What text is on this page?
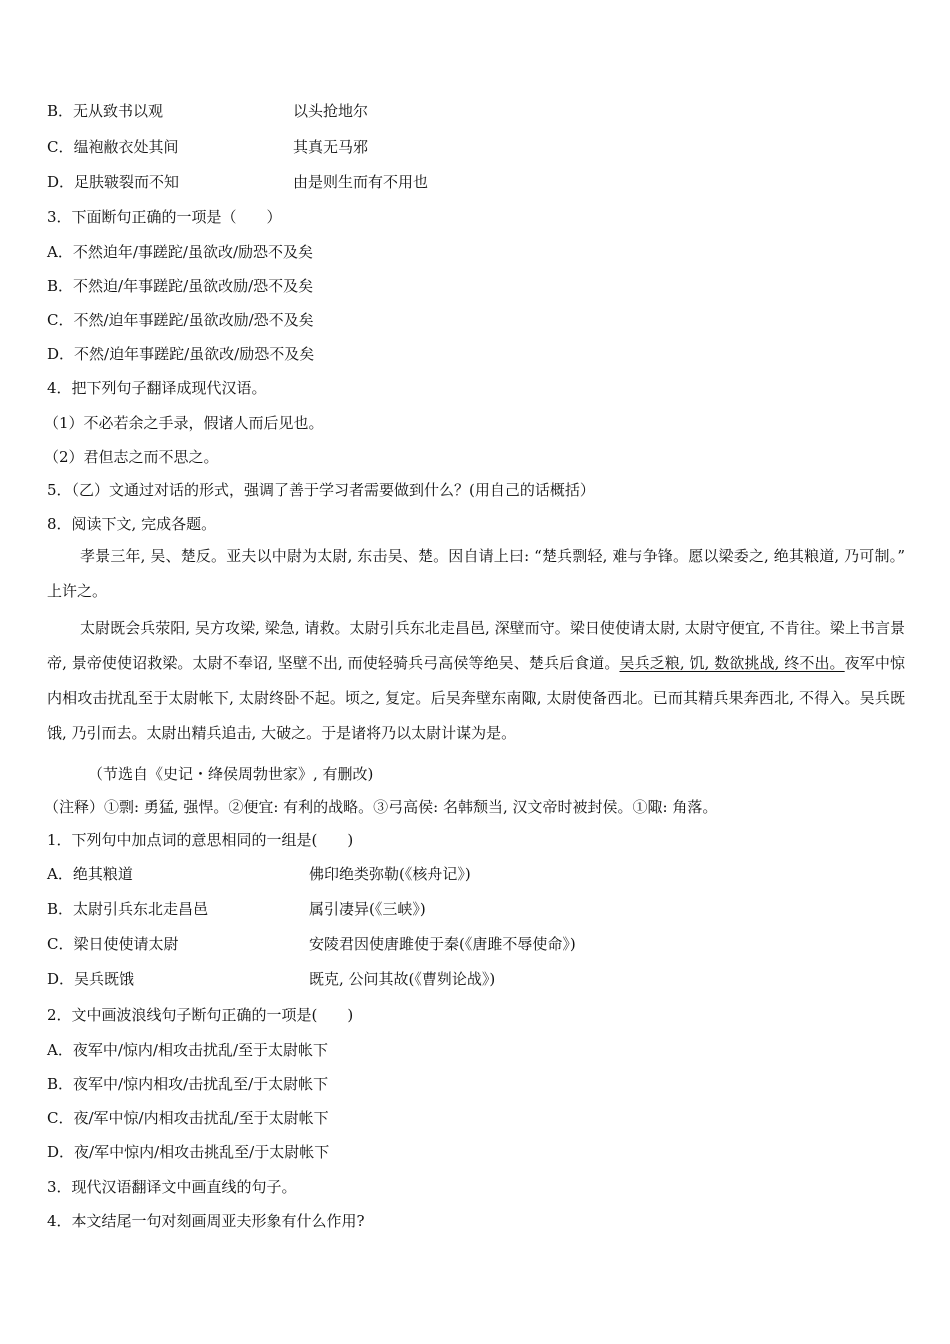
B．无从致书以观	以头抢地尔
C．缊袍敝衣处其间	其真无马邪
D．足肤皲裂而不知	由是则生而有不用也
3．下面断句正确的一项是（　　）
A．不然迫年/事蹉跎/虽欲改/励恐不及矣
B．不然迫/年事蹉跎/虽欲改励/恐不及矣
C．不然/迫年事蹉跎/虽欲改励/恐不及矣
D．不然/迫年事蹉跎/虽欲改/励恐不及矣
4．把下列句子翻译成现代汉语。
（1）不必若余之手录，假诸人而后见也。
（2）君但志之而不思之。
5．（乙）文通过对话的形式，强调了善于学习者需要做到什么？(用自己的话概括）
8．阅读下文, 完成各题。
孝景三年, 吴、楚反。亚夫以中尉为太尉, 东击吴、楚。因自请上曰: “楚兵剽轻, 难与争锋。愿以梁委之, 绝其粮道, 乃可制。” 上许之。
太尉既会兵荥阳, 吴方攻梁, 梁急, 请救。太尉引兵东北走昌邑, 深壁而守。梁日使使请太尉, 太尉守便宜, 不肯往。梁上书言景帝, 景帝使使诏救梁。太尉不奉诏, 坚壁不出, 而使轻骑兵弓高侯等绝吴、楚兵后食道。吴兵乏粮, 饥, 数欲挑战, 终不出。夜军中惊内相攻击扰乱至于太尉帐下, 太尉终卧不起。顷之, 复定。后吴奔壁东南陬, 太尉使备西北。已而其精兵果奔西北, 不得入。吴兵既饿, 乃引而去。太尉出精兵追击, 大破之。于是诸将乃以太尉计谋为是。
（节选自《史记・绛侯周勃世家》, 有删改)
（注释）①剽: 勇猛, 强悍。②便宜: 有利的战略。③弓高侯: 名韩颓当, 汉文帝时被封侯。①陬: 角落。
1．下列句中加点词的意思相同的一组是(　　)
A．绝其粮道	佛印绝类弥勒(《核舟记》)
B．太尉引兵东北走昌邑	属引凄异(《三峡》)
C．梁日使使请太尉	安陵君因使唐雎使于秦(《唐雎不辱使命》)
D．吴兵既饿	既克, 公问其故(《曹刿论战》)
2．文中画波浪线句子断句正确的一项是(　　)
A．夜军中/惊内/相攻击扰乱/至于太尉帐下
B．夜军中/惊内相攻/击扰乱至/于太尉帐下
C．夜/军中惊/内相攻击扰乱/至于太尉帐下
D．夜/军中惊内/相攻击挑乱至/于太尉帐下
3．现代汉语翻译文中画直线的句子。
4．本文结尾一句对刻画周亚夫形象有什么作用?
